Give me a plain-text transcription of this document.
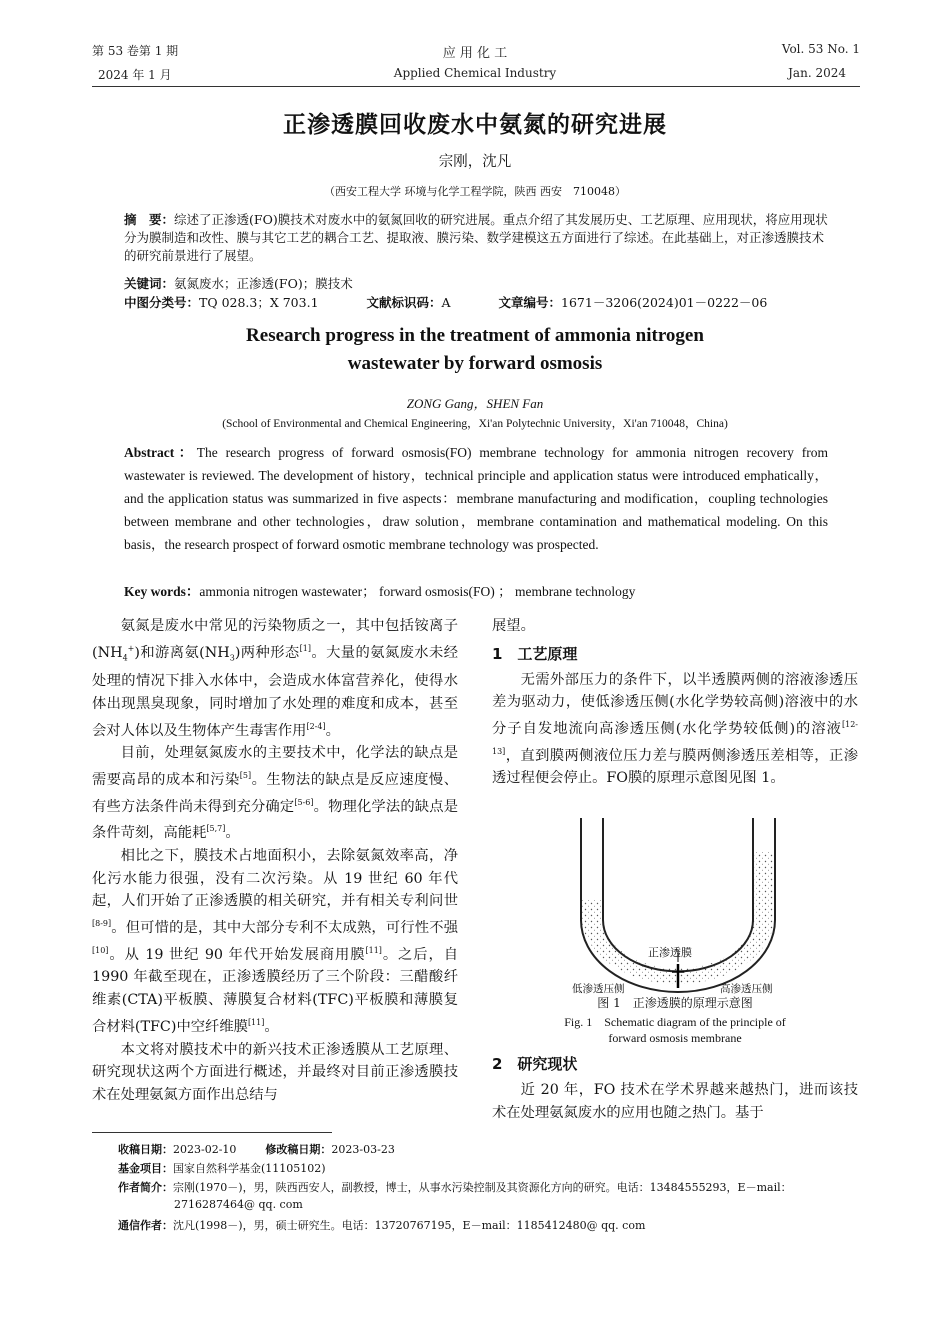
第 53 卷第 1 期
2024 年 1 月
应 用 化 工
Applied Chemical Industry
Vol. 53 No. 1
Jan. 2024
正渗透膜回收废水中氨氮的研究进展
宗刚，沈凡
（西安工程大学 环境与化学工程学院，陕西 西安　710048）
摘　要：综述了正渗透(FO)膜技术对废水中的氨氮回收的研究进展。重点介绍了其发展历史、工艺原理、应用现状，将应用现状分为膜制造和改性、膜与其它工艺的耦合工艺、提取液、膜污染、数学建模这五方面进行了综述。在此基础上，对正渗透膜技术的研究前景进行了展望。
关键词：氨氮废水；正渗透(FO)；膜技术
中图分类号：TQ 028.3；X 703.1	文献标识码：A	文章编号：1671－3206(2024)01－0222－06
Research progress in the treatment of ammonia nitrogen
wastewater by forward osmosis
ZONG Gang，SHEN Fan
(School of Environmental and Chemical Engineering，Xi'an Polytechnic University，Xi'an 710048，China)
Abstract：The research progress of forward osmosis(FO) membrane technology for ammonia nitrogen recovery from wastewater is reviewed. The development of history，technical principle and application status were introduced emphatically，and the application status was summarized in five aspects：membrane manufacturing and modification，coupling technologies between membrane and other technologies，draw solution，membrane contamination and mathematical modeling. On this basis，the research prospect of forward osmotic membrane technology was prospected.
Key words：ammonia nitrogen wastewater； forward osmosis(FO) ； membrane technology

氨氮是废水中常见的污染物质之一，其中包括铵离子$(NH_4^+)$和游离氨$(NH_3)$两种形态[1]。大量的氨氮废水未经处理的情况下排入水体中，会造成水体富营养化，使得水体出现黑臭现象，同时增加了水处理的难度和成本，甚至会对人体以及生物体产生毒害作用[2-4]。

目前，处理氨氮废水的主要技术中，化学法的缺点是需要高昂的成本和污染[5]。生物法的缺点是反应速度慢、有些方法条件尚未得到充分确定[5-6]。物理化学法的缺点是条件苛刻，高能耗[5,7]。

相比之下，膜技术占地面积小，去除氨氮效率高，净化污水能力很强，没有二次污染。从 19 世纪 60 年代起，人们开始了正渗透膜的相关研究，并有相关专利问世[8-9]。但可惜的是，其中大部分专利不太成熟，可行性不强[10]。从 19 世纪 90 年代开始发展商用膜[11]。之后，自 1990 年截至现在，正渗透膜经历了三个阶段：三醋酸纤维素(CTA)平板膜、薄膜复合材料(TFC)平板膜和薄膜复合材料(TFC)中空纤维膜[11]。

本文将对膜技术中的新兴技术正渗透膜从工艺原理、研究现状这两个方面进行概述，并最终对目前正渗透膜技术在处理氨氮方面作出总结与

展望。
1　工艺原理

无需外部压力的条件下，以半透膜两侧的溶液渗透压差为驱动力，使低渗透压侧(水化学势较高侧)溶液中的水分子自发地流向高渗透压侧(水化学势较低侧)的溶液[12-13]，直到膜两侧液位压力差与膜两侧渗透压差相等，正渗透过程便会停止。FO膜的原理示意图见图 1。

正渗透膜
低渗透压侧	高渗透压侧
图 1　正渗透膜的原理示意图
Fig. 1　Schematic diagram of the principle of
forward osmosis membrane
2　研究现状

近 20 年，FO 技术在学术界越来越热门，进而该技术在处理氨氮废水的应用也随之热门。基于

收稿日期：2023-02-10	修改稿日期：2023-03-23
基金项目：国家自然科学基金(11105102)
作者简介：宗刚(1970－)，男，陕西西安人，副教授，博士，从事水污染控制及其资源化方向的研究。电话：13484555293，E－mail：
2716287464@ qq. com
通信作者：沈凡(1998－)，男，硕士研究生。电话：13720767195，E－mail：1185412480@ qq. com
